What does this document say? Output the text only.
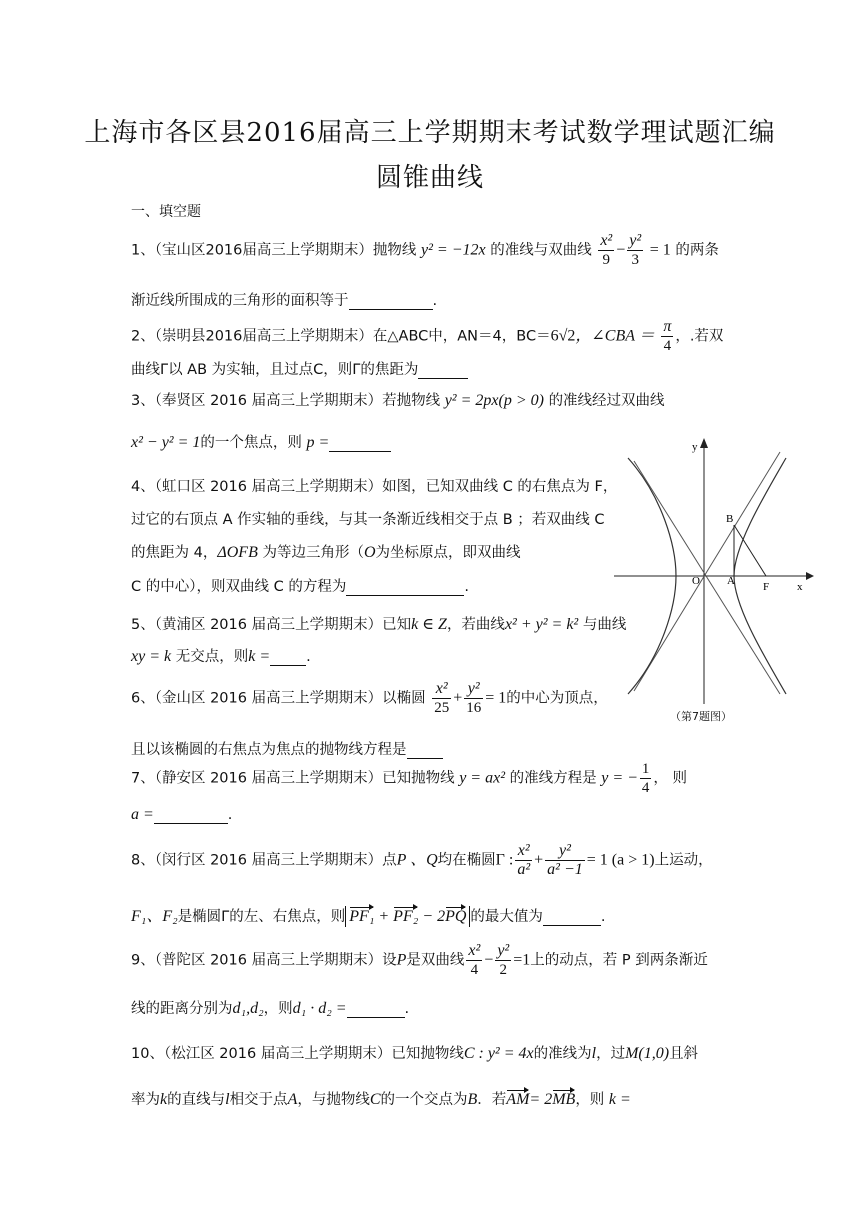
上海市各区县2016届高三上学期期末考试数学理试题汇编
圆锥曲线
一、填空题
1、（宝山区2016届高三上学期期末）抛物线 y² = −12x 的准线与双曲线 $\frac{\text{x²}}{9} - \frac{\text{y²}}{3} = 1$ 的两条
渐近线所围成的三角形的面积等于	.
2、（崇明县2016届高三上学期期末）在△ABC中，AN＝4，BC＝6√2，∠CBA ＝ $\frac{\pi}{4}$ ，.若双
曲线Γ以 AB 为实轴，且过点C，则Γ的焦距为
3、（奉贤区 2016 届高三上学期期末）若抛物线 y² = 2px(p > 0) 的准线经过双曲线
x² − y² = 1的一个焦点，则 p =
4、（虹口区 2016 届高三上学期期末）如图，已知双曲线 C 的右焦点为 F，
过它的右顶点 A 作实轴的垂线，与其一条渐近线相交于点 B ；若双曲线 C
的焦距为 4，ΔOFB 为等边三角形（O为坐标原点，即双曲线
C 的中心），则双曲线 C 的方程为	.
5、（黄浦区 2016 届高三上学期期末）已知k ∈ Z，若曲线x² + y² = k² 与曲线
xy = k 无交点，则k = .
6、（金山区 2016 届高三上学期期末）以椭圆 $\frac{\text{x²}}{25} + \frac{\text{y²}}{16} = 1$的中心为顶点，
且以该椭圆的右焦点为焦点的抛物线方程是
7、（静安区 2016 届高三上学期期末）已知抛物线 y = ax² 的准线方程是 y = − $\frac{1}{4}$ ， 则
a =	.
8、（闵行区 2016 届高三上学期期末）点P 、Q均在椭圆Γ : $\frac{\text{x²}}{\text{a²}} + \frac{\text{y²}}{\text{a² −1}} = 1$ (a > 1)上运动，
F₁、F₂是椭圆Γ的左、右焦点，则 PF₁ + PF₂ − 2PQ 的最大值为	.
9、（普陀区 2016 届高三上学期期末）设P是双曲线 $\frac{\text{x²}}{4} - \frac{\text{y²}}{2} =1$上的动点，若 P 到两条渐近
线的距离分别为d₁,d₂，则d₁ · d₂ =	.
10、（松江区 2016 届高三上学期期末）已知抛物线C : y² = 4x的准线为l，过M(1,0)且斜
率为k的直线与l相交于点A，与抛物线C的一个交点为B．若AM= 2MB，则 k =
y
x
O A	F
B
（第7题图）
